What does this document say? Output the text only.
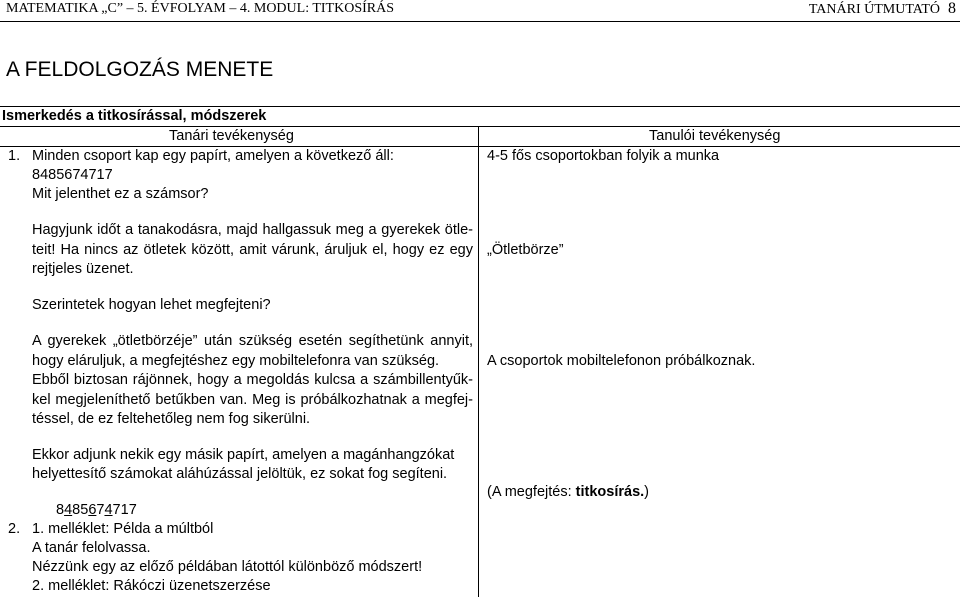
MATEMATIKA „C” – 5. ÉVFOLYAM – 4. MODUL: TITKOSÍRÁS	TANÁRI ÚTMUTATÓ 8
A FELDOLGOZÁS MENETE
Ismerkedés a titkosírással, módszerek
Tanári tevékenység	Tanulói tevékenység
1. Minden csoport kap egy papírt, amelyen a következő áll:
8485674717
Mit jelenthet ez a számsor?
Hagyjunk időt a tanakodásra, majd hallgassuk meg a gyerekek ötle-
teit! Ha nincs az ötletek között, amit várunk, áruljuk el, hogy ez egy
rejtjeles üzenet.
Szerintetek hogyan lehet megfejteni?
A gyerekek „ötletbörzéje” után szükség esetén segíthetünk annyit,
hogy eláruljuk, a megfejtéshez egy mobiltelefonra van szükség.
Ebből biztosan rájönnek, hogy a megoldás kulcsa a számbillentyűk-
kel megjeleníthető betűkben van. Meg is próbálkozhatnak a megfej-
téssel, de ez feltehetőleg nem fog sikerülni.
Ekkor adjunk nekik egy másik papírt, amelyen a magánhangzókat
helyettesítő számokat aláhúzással jelöltük, ez sokat fog segíteni.
8485674717
2. 1. melléklet: Példa a múltból
A tanár felolvassa.
Nézzünk egy az előző példában látottól különböző módszert!
2. melléklet: Rákóczi üzenetszerzése
4-5 fős csoportokban folyik a munka
„Ötletbörze”
A csoportok mobiltelefonon próbálkoznak.
(A megfejtés: titkosírás.)
